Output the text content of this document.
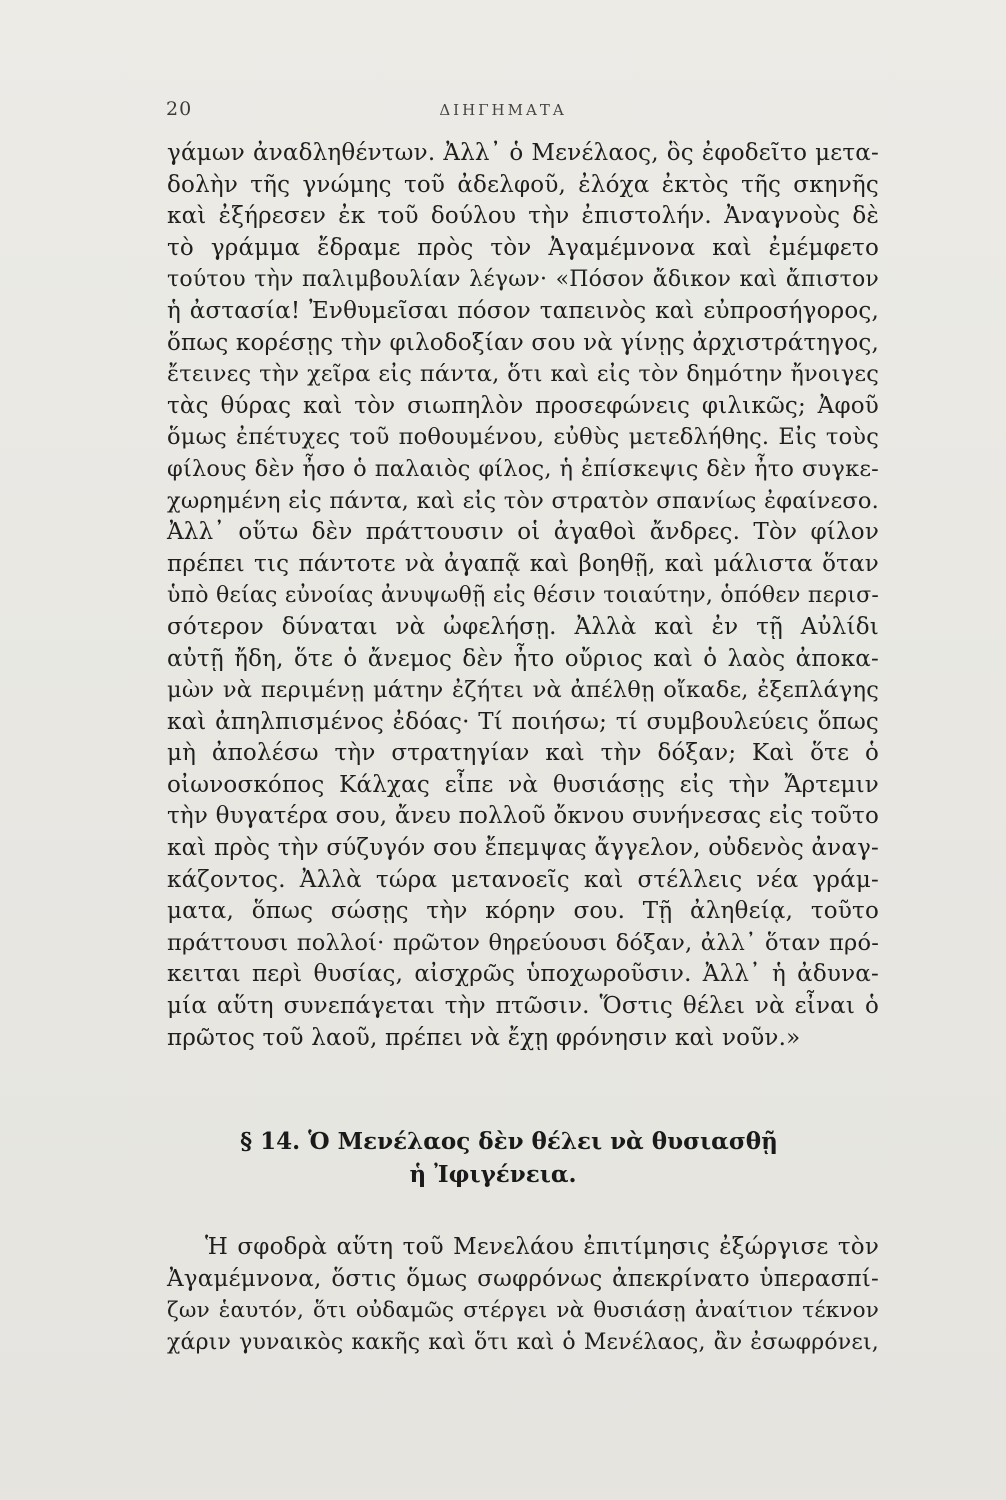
20	ΔΙΗΓΗΜΑΤΑ
γάμων ἀναδληθέντων. Ἀλλ᾽ ὁ Μενέλαος, ὃς ἐφοδεῖτο μετα-
δολὴν τῆς γνώμης τοῦ ἀδελφοῦ, ἐλόχα ἐκτὸς τῆς σκηνῆς
καὶ ἐξήρεσεν ἐκ τοῦ δούλου τὴν ἐπιστολήν. Ἀναγνοὺς δὲ
τὸ γράμμα ἔδραμε πρὸς τὸν Ἀγαμέμνονα καὶ ἐμέμφετο
τούτου τὴν παλιμβουλίαν λέγων· «Πόσον ἄδικον καὶ ἄπιστον
ἡ ἀστασία! Ἐνθυμεῖσαι πόσον ταπεινὸς καὶ εὐπροσήγορος,
ὅπως κορέσῃς τὴν φιλοδοξίαν σου νὰ γίνῃς ἀρχιστράτηγος,
ἔτεινες τὴν χεῖρα εἰς πάντα, ὅτι καὶ εἰς τὸν δημότην ἤνοιγες
τὰς θύρας καὶ τὸν σιωπηλὸν προσεφώνεις φιλικῶς; Ἀφοῦ
ὅμως ἐπέτυχες τοῦ ποθουμένου, εὐθὺς μετεδλήθης. Εἰς τοὺς
φίλους δὲν ἦσο ὁ παλαιὸς φίλος, ἡ ἐπίσκεψις δὲν ἦτο συγκε-
χωρημένη εἰς πάντα, καὶ εἰς τὸν στρατὸν σπανίως ἐφαίνεσο.
Ἀλλ᾽ οὕτω δὲν πράττουσιν οἱ ἀγαθοὶ ἄνδρες. Τὸν φίλον
πρέπει τις πάντοτε νὰ ἀγαπᾷ καὶ βοηθῇ, καὶ μάλιστα ὅταν
ὑπὸ θείας εὐνοίας ἀνυψωθῇ εἰς θέσιν τοιαύτην, ὁπόθεν περισ-
σότερον δύναται νὰ ὠφελήσῃ. Ἀλλὰ καὶ ἐν τῇ Αὐλίδι
αὐτῇ ἤδη, ὅτε ὁ ἄνεμος δὲν ἦτο οὔριος καὶ ὁ λαὸς ἀποκα-
μὼν νὰ περιμένῃ μάτην ἐζήτει νὰ ἀπέλθῃ οἴκαδε, ἐξεπλάγης
καὶ ἀπηλπισμένος ἐδόας· Τί ποιήσω; τί συμβουλεύεις ὅπως
μὴ ἀπολέσω τὴν στρατηγίαν καὶ τὴν δόξαν; Καὶ ὅτε ὁ
οἰωνοσκόπος Κάλχας εἶπε νὰ θυσιάσῃς εἰς τὴν Ἄρτεμιν
τὴν θυγατέρα σου, ἄνευ πολλοῦ ὄκνου συνήνεσας εἰς τοῦτο
καὶ πρὸς τὴν σύζυγόν σου ἔπεμψας ἄγγελον, οὐδενὸς ἀναγ-
κάζοντος. Ἀλλὰ τώρα μετανοεῖς καὶ στέλλεις νέα γράμ-
ματα, ὅπως σώσῃς τὴν κόρην σου. Τῇ ἀληθείᾳ, τοῦτο
πράττουσι πολλοί· πρῶτον θηρεύουσι δόξαν, ἀλλ᾽ ὅταν πρό-
κειται περὶ θυσίας, αἰσχρῶς ὑποχωροῦσιν. Ἀλλ᾽ ἡ ἀδυνα-
μία αὕτη συνεπάγεται τὴν πτῶσιν. Ὅστις θέλει νὰ εἶναι ὁ
πρῶτος τοῦ λαοῦ, πρέπει νὰ ἔχῃ φρόνησιν καὶ νοῦν.»
§ 14. Ὁ Μενέλαος δὲν θέλει νὰ θυσιασθῇ
ἡ Ἰφιγένεια.
Ἡ σφοδρὰ αὕτη τοῦ Μενελάου ἐπιτίμησις ἐξώργισε τὸν
Ἀγαμέμνονα, ὅστις ὅμως σωφρόνως ἀπεκρίνατο ὑπερασπί-
ζων ἑαυτόν, ὅτι οὐδαμῶς στέργει νὰ θυσιάσῃ ἀναίτιον τέκνον
χάριν γυναικὸς κακῆς καὶ ὅτι καὶ ὁ Μενέλαος, ἂν ἐσωφρόνει,
